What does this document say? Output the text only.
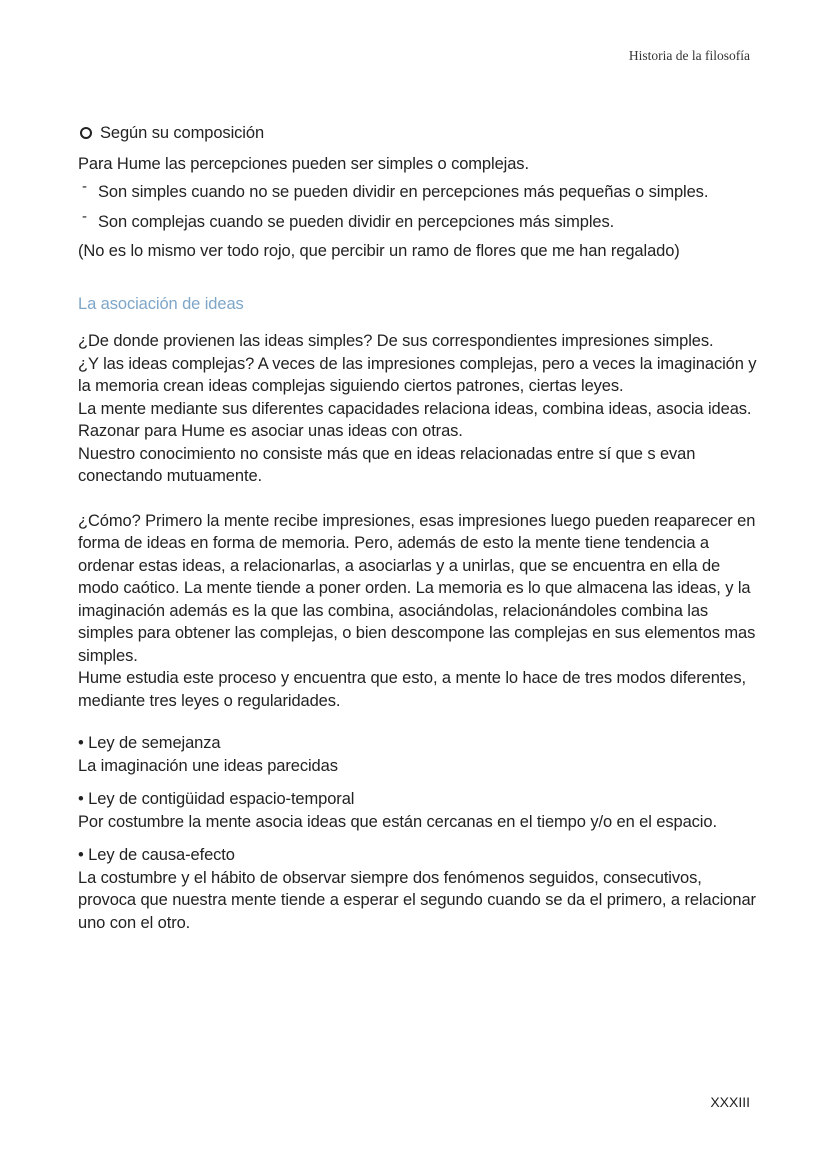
Historia de la filosofía
Según su composición

Para Hume las percepciones pueden ser simples o complejas.

- Son simples cuando no se pueden dividir en percepciones más pequeñas o simples.
- Son complejas cuando se pueden dividir en percepciones más simples.

(No es lo mismo ver todo rojo, que percibir un ramo de flores que me han regalado)

La asociación de ideas

¿De donde provienen las ideas simples? De sus correspondientes impresiones simples.

¿Y las ideas complejas? A veces de las impresiones complejas, pero a veces la imaginación y la memoria crean ideas complejas siguiendo ciertos patrones, ciertas leyes.

La mente mediante sus diferentes capacidades relaciona ideas, combina ideas, asocia ideas. Razonar para Hume es asociar unas ideas con otras.

Nuestro conocimiento no consiste más que en ideas relacionadas entre sí que s evan conectando mutuamente.

¿Cómo? Primero la mente recibe impresiones, esas impresiones luego pueden reaparecer en forma de ideas en forma de memoria. Pero, además de esto la mente tiene tendencia a ordenar estas ideas, a relacionarlas, a asociarlas y a unirlas, que se encuentra en ella de modo caótico. La mente tiende a poner orden. La memoria es lo que almacena las ideas, y la imaginación además es la que las combina, asociándolas, relacionándoles combina las simples para obtener las complejas, o bien descompone las complejas en sus elementos mas simples.

Hume estudia este proceso y encuentra que esto, a mente lo hace de tres modos diferentes, mediante tres leyes o regularidades.

• Ley de semejanza

La imaginación une ideas parecidas

• Ley de contigüidad espacio-temporal

Por costumbre la mente asocia ideas que están cercanas en el tiempo y/o en el espacio.

• Ley de causa-efecto

La costumbre y el hábito de observar siempre dos fenómenos seguidos, consecutivos, provoca que nuestra mente tiende a esperar el segundo cuando se da el primero, a relacionar uno con el otro.

XXXIII
